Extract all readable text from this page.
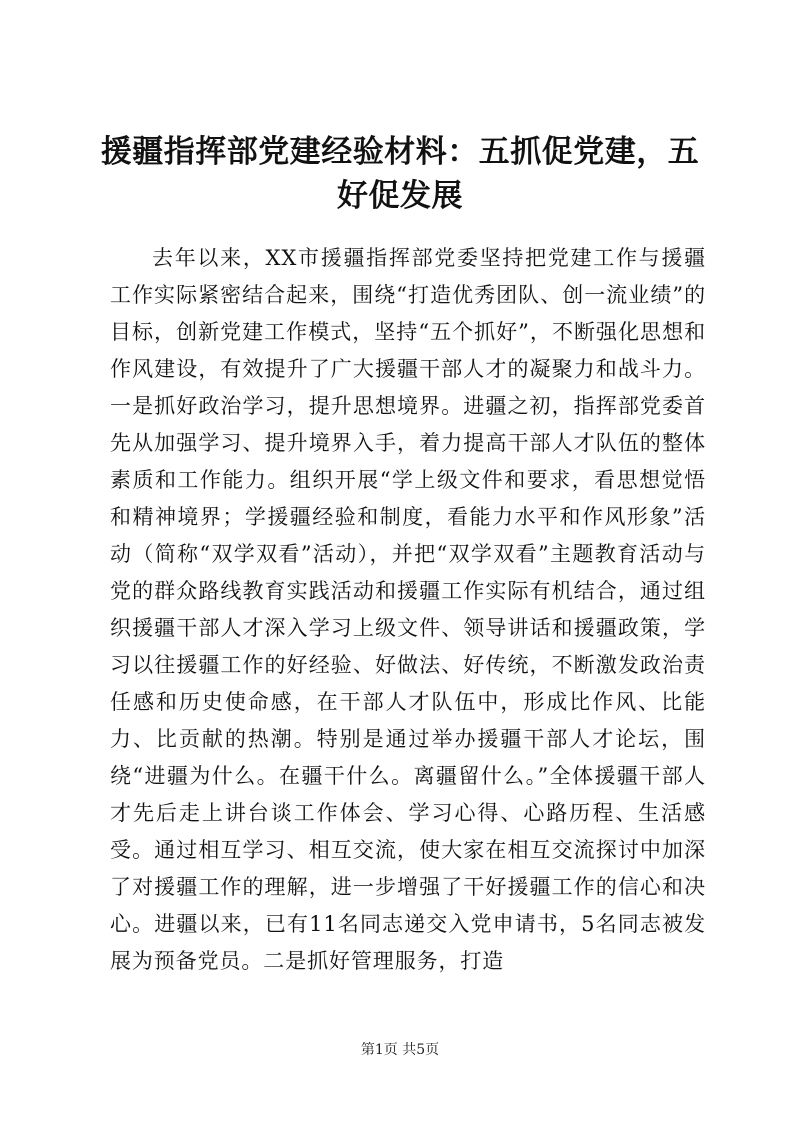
援疆指挥部党建经验材料：五抓促党建，五好促发展

去年以来，XX市援疆指挥部党委坚持把党建工作与援疆工作实际紧密结合起来，围绕“打造优秀团队、创一流业绩”的目标，创新党建工作模式，坚持“五个抓好”，不断强化思想和作风建设，有效提升了广大援疆干部人才的凝聚力和战斗力。一是抓好政治学习，提升思想境界。进疆之初，指挥部党委首先从加强学习、提升境界入手，着力提高干部人才队伍的整体素质和工作能力。组织开展“学上级文件和要求，看思想觉悟和精神境界；学援疆经验和制度，看能力水平和作风形象”活动（简称“双学双看”活动），并把“双学双看”主题教育活动与党的群众路线教育实践活动和援疆工作实际有机结合，通过组织援疆干部人才深入学习上级文件、领导讲话和援疆政策，学习以往援疆工作的好经验、好做法、好传统，不断激发政治责任感和历史使命感，在干部人才队伍中，形成比作风、比能力、比贡献的热潮。特别是通过举办援疆干部人才论坛，围绕“进疆为什么。在疆干什么。离疆留什么。”全体援疆干部人才先后走上讲台谈工作体会、学习心得、心路历程、生活感受。通过相互学习、相互交流，使大家在相互交流探讨中加深了对援疆工作的理解，进一步增强了干好援疆工作的信心和决心。进疆以来，已有11名同志递交入党申请书，5名同志被发展为预备党员。二是抓好管理服务，打造

第1页 共5页
